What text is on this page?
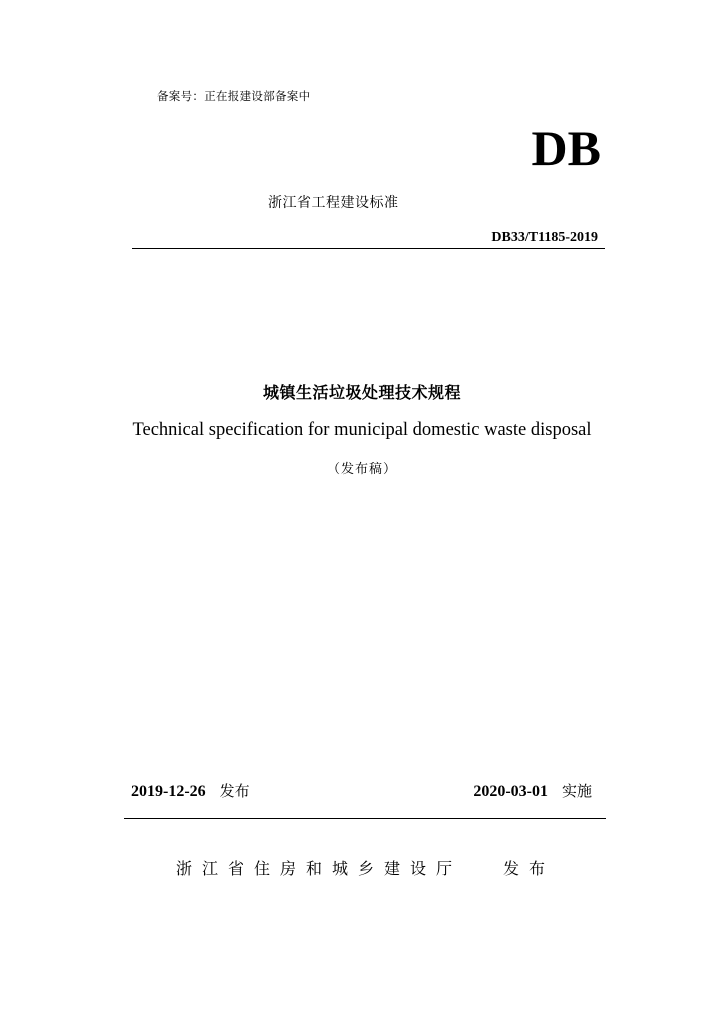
备案号：正在报建设部备案中
DB
浙江省工程建设标准
DB33/T1185-2019
城镇生活垃圾处理技术规程
Technical specification for municipal domestic waste disposal
（发布稿）
2019-12-26 发布	2020-03-01 实施
浙江省住房和城乡建设厅	发布
